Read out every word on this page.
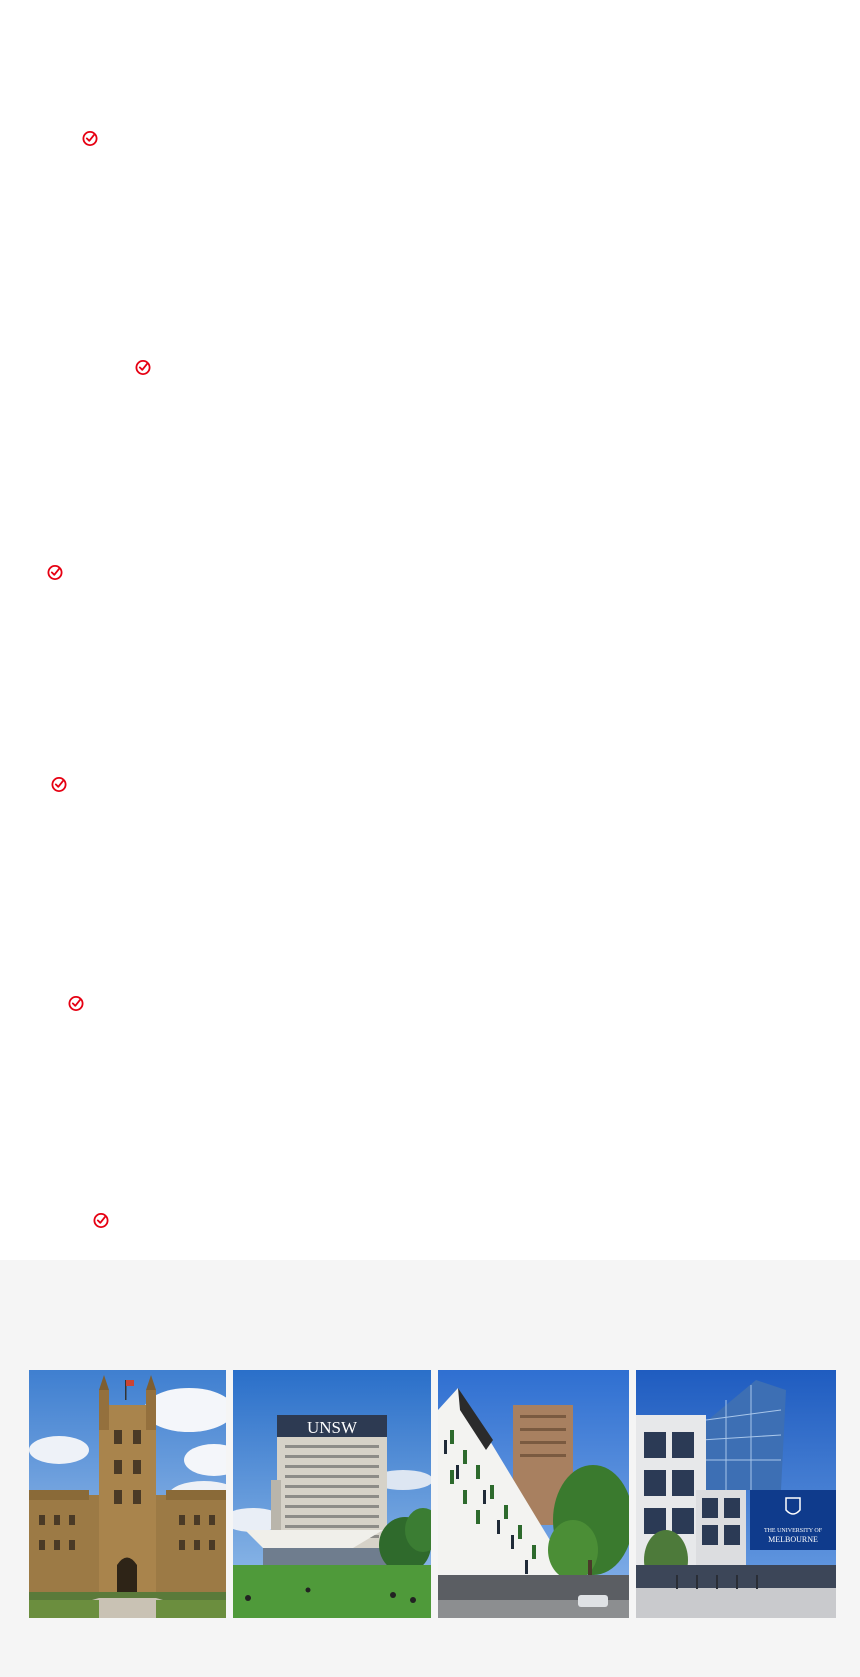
UNSW
THE UNIVERSITY OF
MELBOURNE
